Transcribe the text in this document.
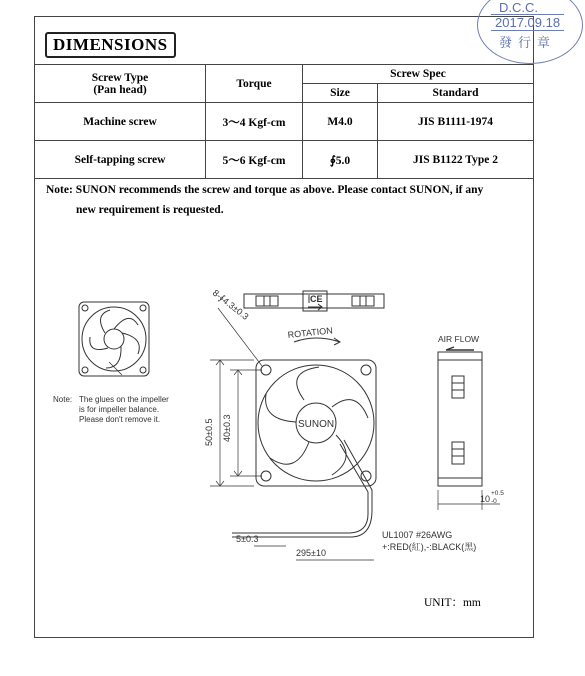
D.C.C.
2017.09.18
發行章
DIMENSIONS
Screw Type
(Pan head)	Torque	Screw Spec	
		Size	Standard
Machine screw	3～4 Kgf-cm	M4.0	JIS B1111-1974
Self-tapping screw	5～6 Kgf-cm	∮5.0	JIS B1122 Type 2
Note: SUNON recommends the screw and torque as above. Please contact SUNON, if any
new requirement is requested.
Note: The glues on the impeller
is for impeller balance.
Please don't remove it.
8-∮4.3±0.3
ROTATION
SUNON
AIR FLOW
50±0.5 40±0.3
10
+0.5
-0
5±0.3
295±10
UL1007 #26AWG
+:RED(紅),-:BLACK(黑)
CE
UNIT：mm
